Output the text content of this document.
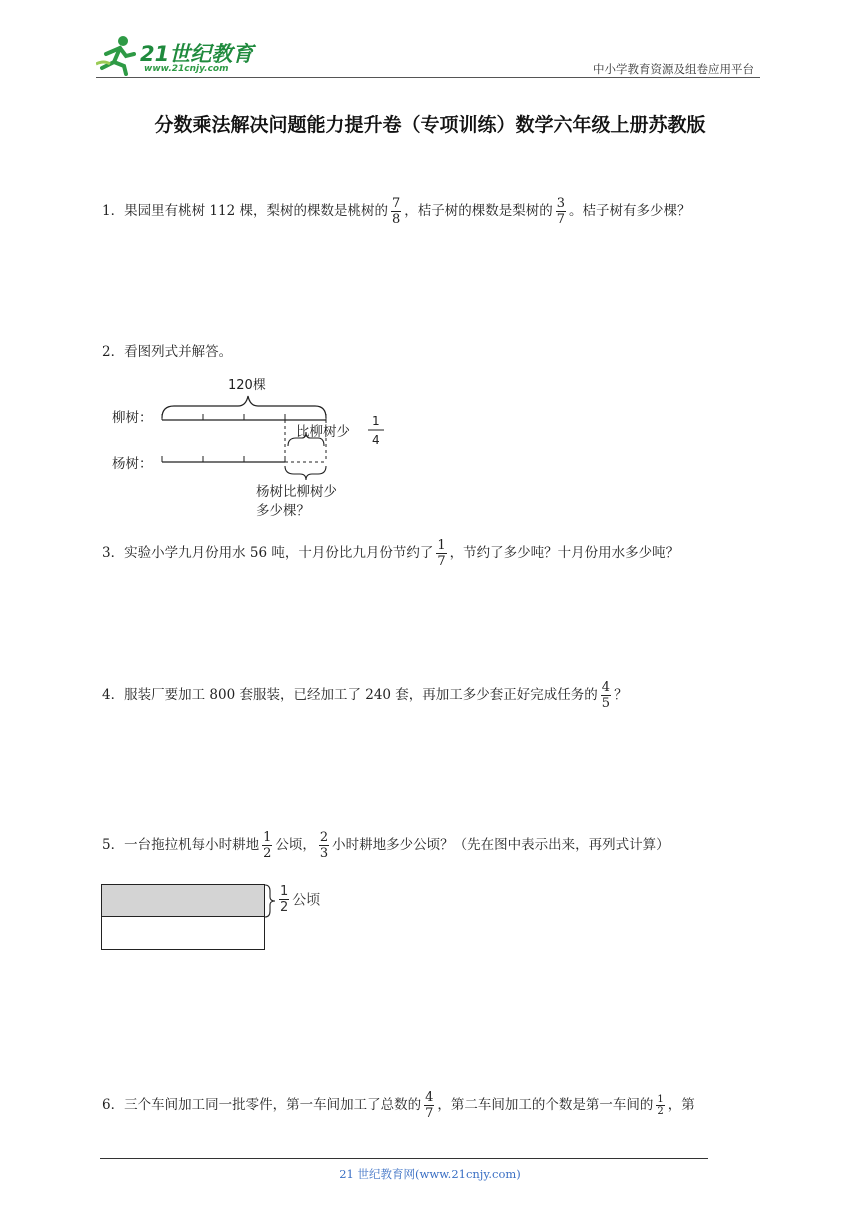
21世纪教育
www.21cnjy.com	中小学教育资源及组卷应用平台
分数乘法解决问题能力提升卷（专项训练）数学六年级上册苏教版
1．果园里有桃树 112 棵，梨树的棵数是桃树的 $\frac{7}{8}$ ，桔子树的棵数是梨树的 $\frac{3}{7}$ 。桔子树有多少棵？
2．看图列式并解答。
120棵
柳树：
杨树：
比柳树少
1
4
杨树比柳树少
多少棵？
3．实验小学九月份用水 56 吨，十月份比九月份节约了 $\frac{1}{7}$ ，节约了多少吨？十月份用水多少吨？
4．服装厂要加工 800 套服装，已经加工了 240 套，再加工多少套正好完成任务的 $\frac{4}{5}$ ？
5．一台拖拉机每小时耕地 $\frac{1}{2}$ 公顷， $\frac{2}{3}$ 小时耕地多少公顷？（先在图中表示出来，再列式计算）
$\frac{1}{2}$ 公顷
6．三个车间加工同一批零件，第一车间加工了总数的 $\frac{4}{7}$ ，第二车间加工的个数是第一车间的 $\frac{1}{2}$ ，第
21 世纪教育网(www.21cnjy.com)
